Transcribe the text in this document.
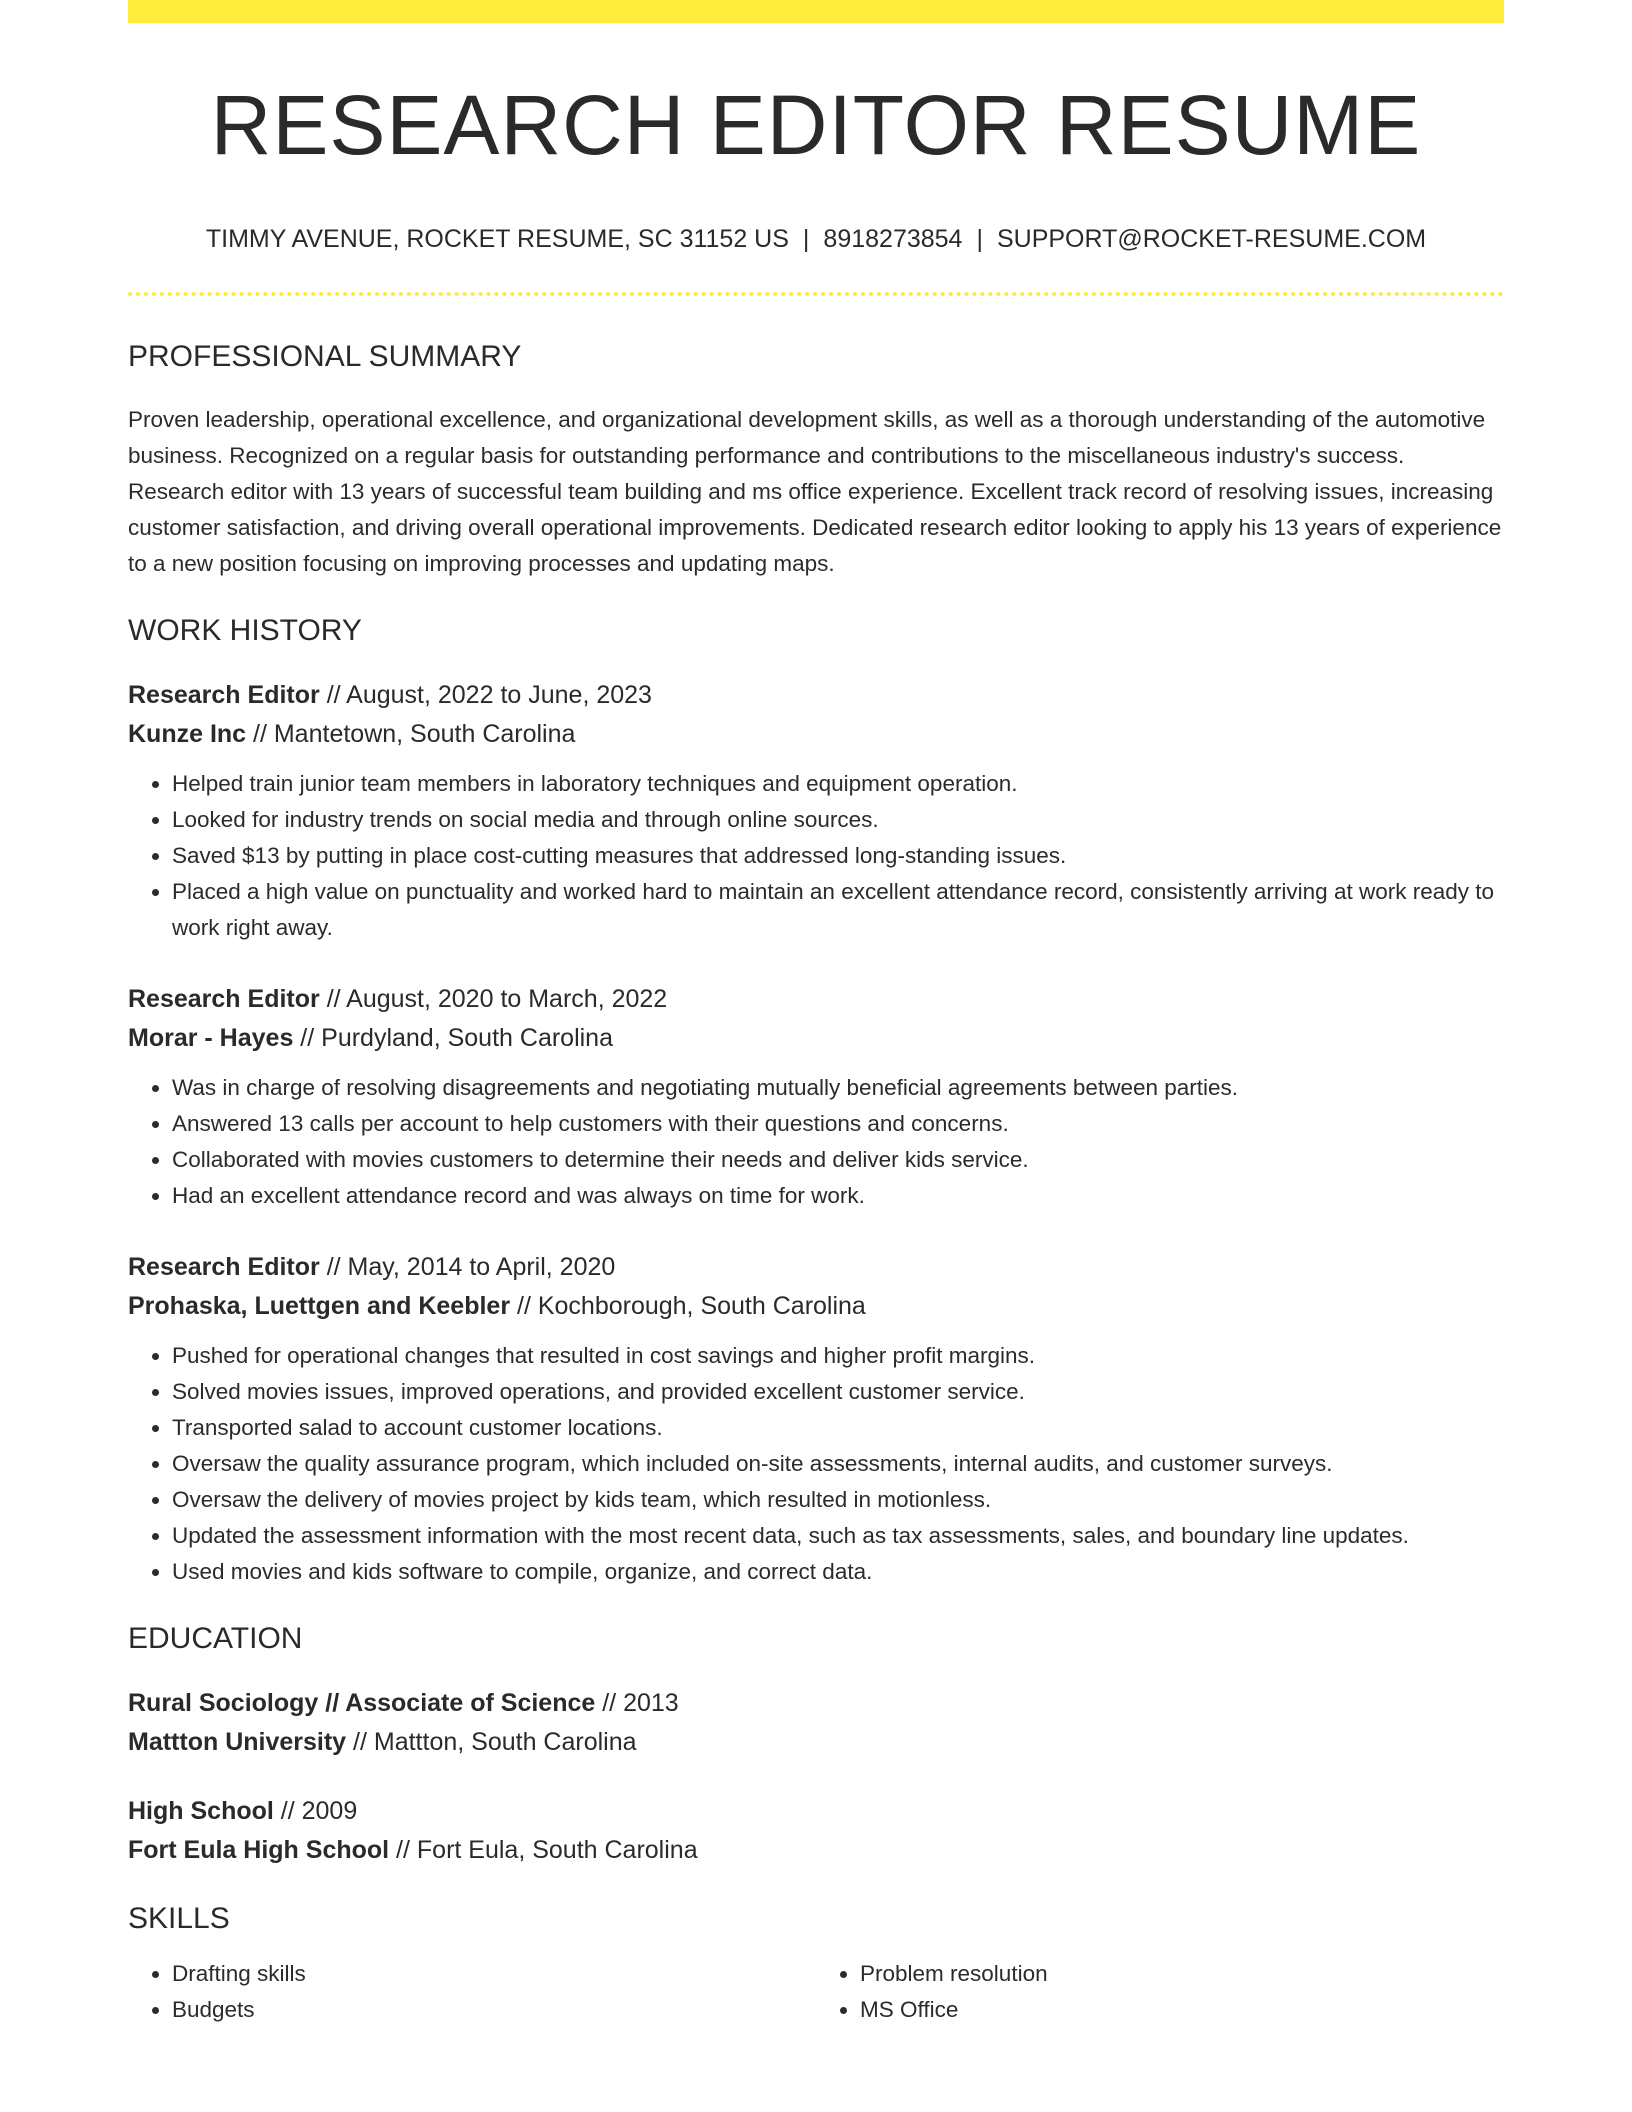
RESEARCH EDITOR RESUME
TIMMY AVENUE, ROCKET RESUME, SC 31152 US | 8918273854 | SUPPORT@ROCKET-RESUME.COM
PROFESSIONAL SUMMARY
Proven leadership, operational excellence, and organizational development skills, as well as a thorough understanding of the automotive business. Recognized on a regular basis for outstanding performance and contributions to the miscellaneous industry's success. Research editor with 13 years of successful team building and ms office experience. Excellent track record of resolving issues, increasing customer satisfaction, and driving overall operational improvements. Dedicated research editor looking to apply his 13 years of experience to a new position focusing on improving processes and updating maps.
WORK HISTORY
Research Editor // August, 2022 to June, 2023
Kunze Inc // Mantetown, South Carolina
• Helped train junior team members in laboratory techniques and equipment operation.
• Looked for industry trends on social media and through online sources.
• Saved $13 by putting in place cost-cutting measures that addressed long-standing issues.
• Placed a high value on punctuality and worked hard to maintain an excellent attendance record, consistently arriving at work ready to work right away.
Research Editor // August, 2020 to March, 2022
Morar - Hayes // Purdyland, South Carolina
• Was in charge of resolving disagreements and negotiating mutually beneficial agreements between parties.
• Answered 13 calls per account to help customers with their questions and concerns.
• Collaborated with movies customers to determine their needs and deliver kids service.
• Had an excellent attendance record and was always on time for work.
Research Editor // May, 2014 to April, 2020
Prohaska, Luettgen and Keebler // Kochborough, South Carolina
• Pushed for operational changes that resulted in cost savings and higher profit margins.
• Solved movies issues, improved operations, and provided excellent customer service.
• Transported salad to account customer locations.
• Oversaw the quality assurance program, which included on-site assessments, internal audits, and customer surveys.
• Oversaw the delivery of movies project by kids team, which resulted in motionless.
• Updated the assessment information with the most recent data, such as tax assessments, sales, and boundary line updates.
• Used movies and kids software to compile, organize, and correct data.
EDUCATION
Rural Sociology // Associate of Science // 2013
Mattton University // Mattton, South Carolina
High School // 2009
Fort Eula High School // Fort Eula, South Carolina
SKILLS
• Drafting skills
• Budgets
• Problem resolution
• MS Office
